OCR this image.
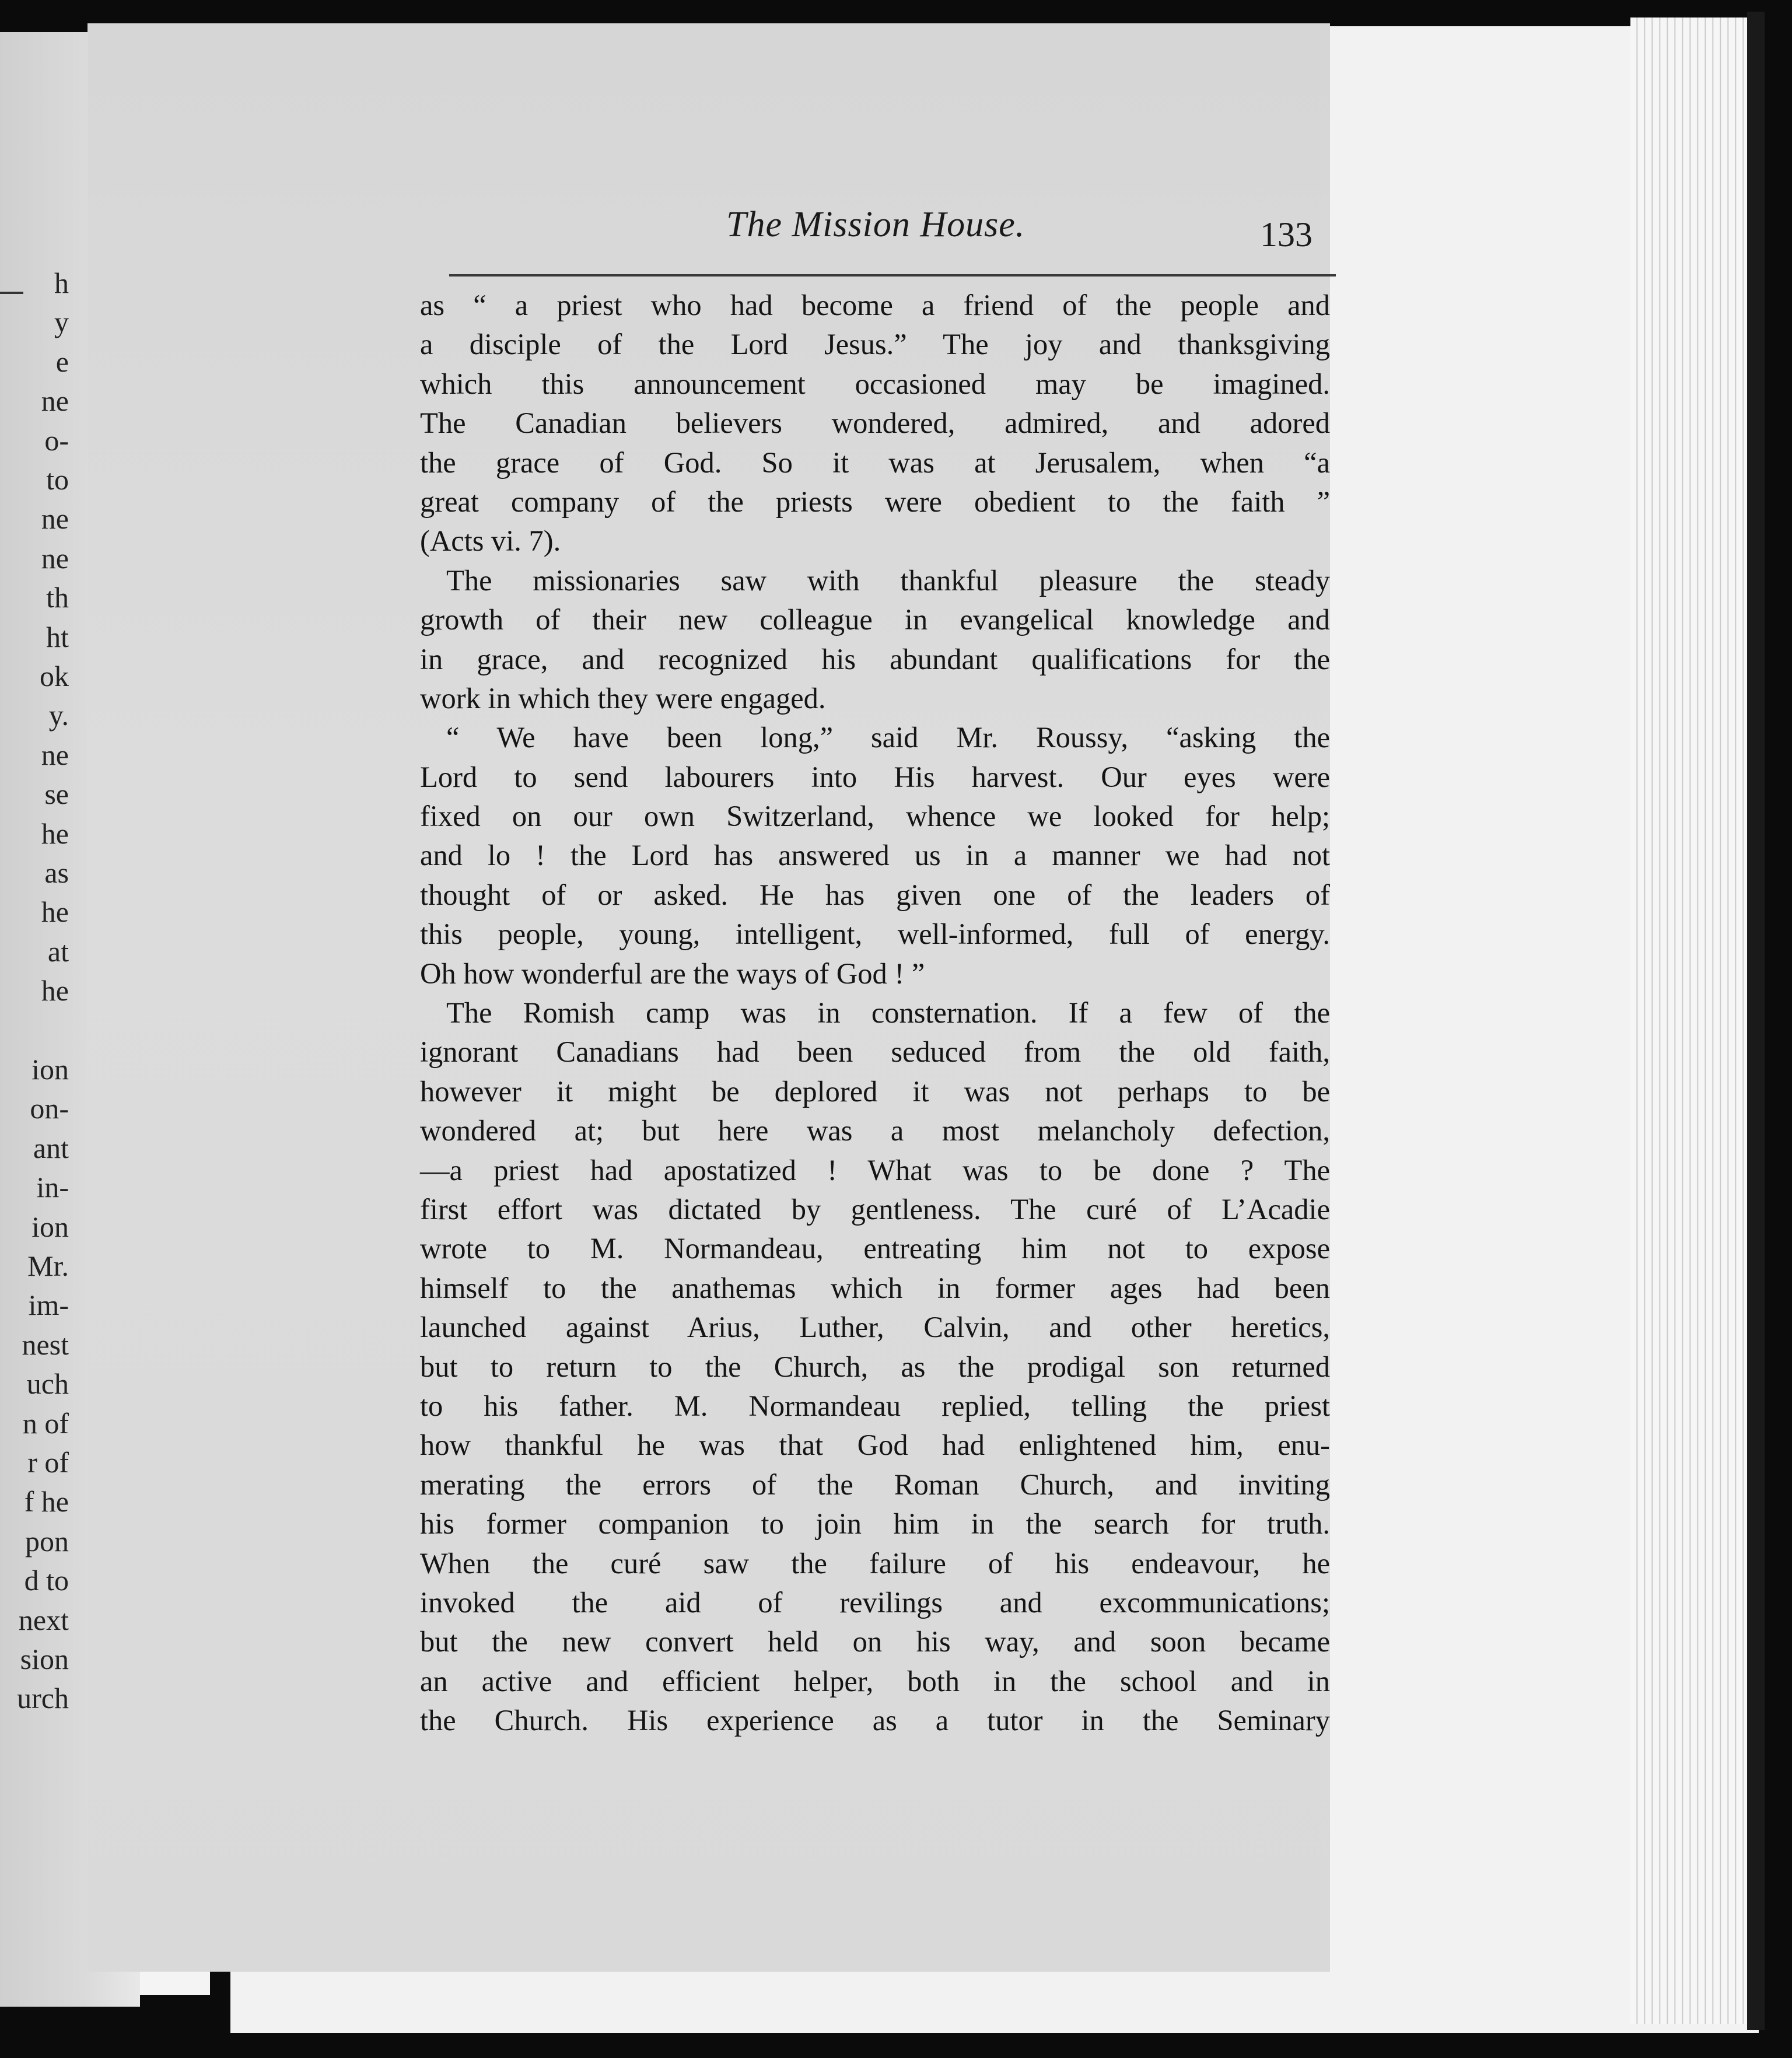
h
y
e
ne
o-
to
ne
ne
th
ht
ok
y.
ne
se
he
as
he
at
he
ion
on-
ant
in-
ion
Mr.
im-
nest
uch
n of
r of
f he
pon
d to
next
sion
urch
The Mission House.	133
as “ a priest who had become a friend of the people and
a disciple of the Lord Jesus.” The joy and thanksgiving
which this announcement occasioned may be imagined.
The Canadian believers wondered, admired, and adored
the grace of God. So it was at Jerusalem, when “a
great company of the priests were obedient to the faith ”
(Acts vi. 7).
The missionaries saw with thankful pleasure the steady
growth of their new colleague in evangelical knowledge and
in grace, and recognized his abundant qualifications for the
work in which they were engaged.
“ We have been long,” said Mr. Roussy, “asking the
Lord to send labourers into His harvest. Our eyes were
fixed on our own Switzerland, whence we looked for help;
and lo ! the Lord has answered us in a manner we had not
thought of or asked. He has given one of the leaders of
this people, young, intelligent, well-informed, full of energy.
Oh how wonderful are the ways of God ! ”
The Romish camp was in consternation. If a few of the
ignorant Canadians had been seduced from the old faith,
however it might be deplored it was not perhaps to be
wondered at; but here was a most melancholy defection,
—a priest had apostatized ! What was to be done ? The
first effort was dictated by gentleness. The curé of L’Acadie
wrote to M. Normandeau, entreating him not to expose
himself to the anathemas which in former ages had been
launched against Arius, Luther, Calvin, and other heretics,
but to return to the Church, as the prodigal son returned
to his father. M. Normandeau replied, telling the priest
how thankful he was that God had enlightened him, enu-
merating the errors of the Roman Church, and inviting
his former companion to join him in the search for truth.
When the curé saw the failure of his endeavour, he
invoked the aid of revilings and excommunications;
but the new convert held on his way, and soon became
an active and efficient helper, both in the school and in
the Church. His experience as a tutor in the Seminary
